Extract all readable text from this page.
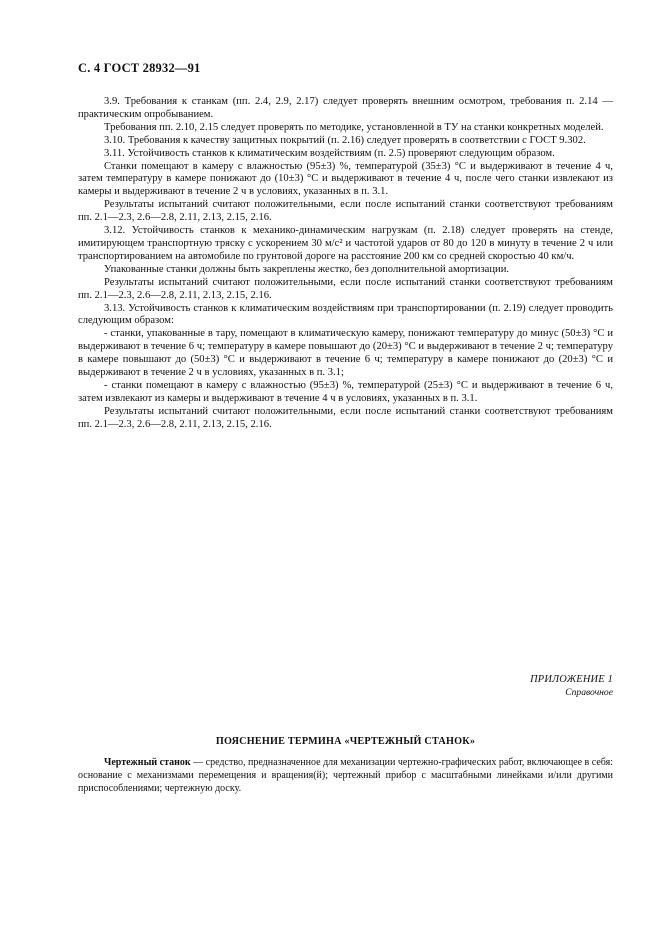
С. 4 ГОСТ 28932—91

3.9. Требования к станкам (пп. 2.4, 2.9, 2.17) следует проверять внешним осмотром, требования п. 2.14 — практическим опробыванием.

Требования пп. 2.10, 2.15 следует проверять по методике, установленной в ТУ на станки конкретных моделей.

3.10. Требования к качеству защитных покрытий (п. 2.16) следует проверять в соответствии с ГОСТ 9.302.

3.11. Устойчивость станков к климатическим воздействиям (п. 2.5) проверяют следующим образом.

Станки помещают в камеру с влажностью (95±3) %, температурой (35±3) °С и выдерживают в течение 4 ч, затем температуру в камере понижают до (10±3) °С и выдерживают в течение 4 ч, после чего станки извлекают из камеры и выдерживают в течение 2 ч в условиях, указанных в п. 3.1.

Результаты испытаний считают положительными, если после испытаний станки соответствуют требованиям пп. 2.1—2.3, 2.6—2.8, 2.11, 2.13, 2.15, 2.16.

3.12. Устойчивость станков к механико-динамическим нагрузкам (п. 2.18) следует проверять на стенде, имитирующем транспортную тряску с ускорением 30 м/с² и частотой ударов от 80 до 120 в минуту в течение 2 ч или транспортированием на автомобиле по грунтовой дороге на расстояние 200 км со средней скоростью 40 км/ч.

Упакованные станки должны быть закреплены жестко, без дополнительной амортизации.

Результаты испытаний считают положительными, если после испытаний станки соответствуют требованиям пп. 2.1—2.3, 2.6—2.8, 2.11, 2.13, 2.15, 2.16.

3.13. Устойчивость станков к климатическим воздействиям при транспортировании (п. 2.19) следует проводить следующим образом:

- станки, упакованные в тару, помещают в климатическую камеру, понижают температуру до минус (50±3) °С и выдерживают в течение 6 ч; температуру в камере повышают до (20±3) °С и выдерживают в течение 2 ч; температуру в камере повышают до (50±3) °С и выдерживают в течение 6 ч; температуру в камере понижают до (20±3) °С и выдерживают в течение 2 ч в условиях, указанных в п. 3.1;

- станки помещают в камеру с влажностью (95±3) %, температурой (25±3) °С и выдерживают в течение 6 ч, затем извлекают из камеры и выдерживают в течение 4 ч в условиях, указанных в п. 3.1.

Результаты испытаний считают положительными, если после испытаний станки соответствуют требованиям пп. 2.1—2.3, 2.6—2.8, 2.11, 2.13, 2.15, 2.16.

ПРИЛОЖЕНИЕ 1
Справочное
ПОЯСНЕНИЕ ТЕРМИНА «ЧЕРТЕЖНЫЙ СТАНОК»

Чертежный станок — средство, предназначенное для механизации чертежно-графических работ, включающее в себя: основание с механизмами перемещения и вращения(й); чертежный прибор с масштабными линейками и/или другими приспособлениями; чертежную доску.
